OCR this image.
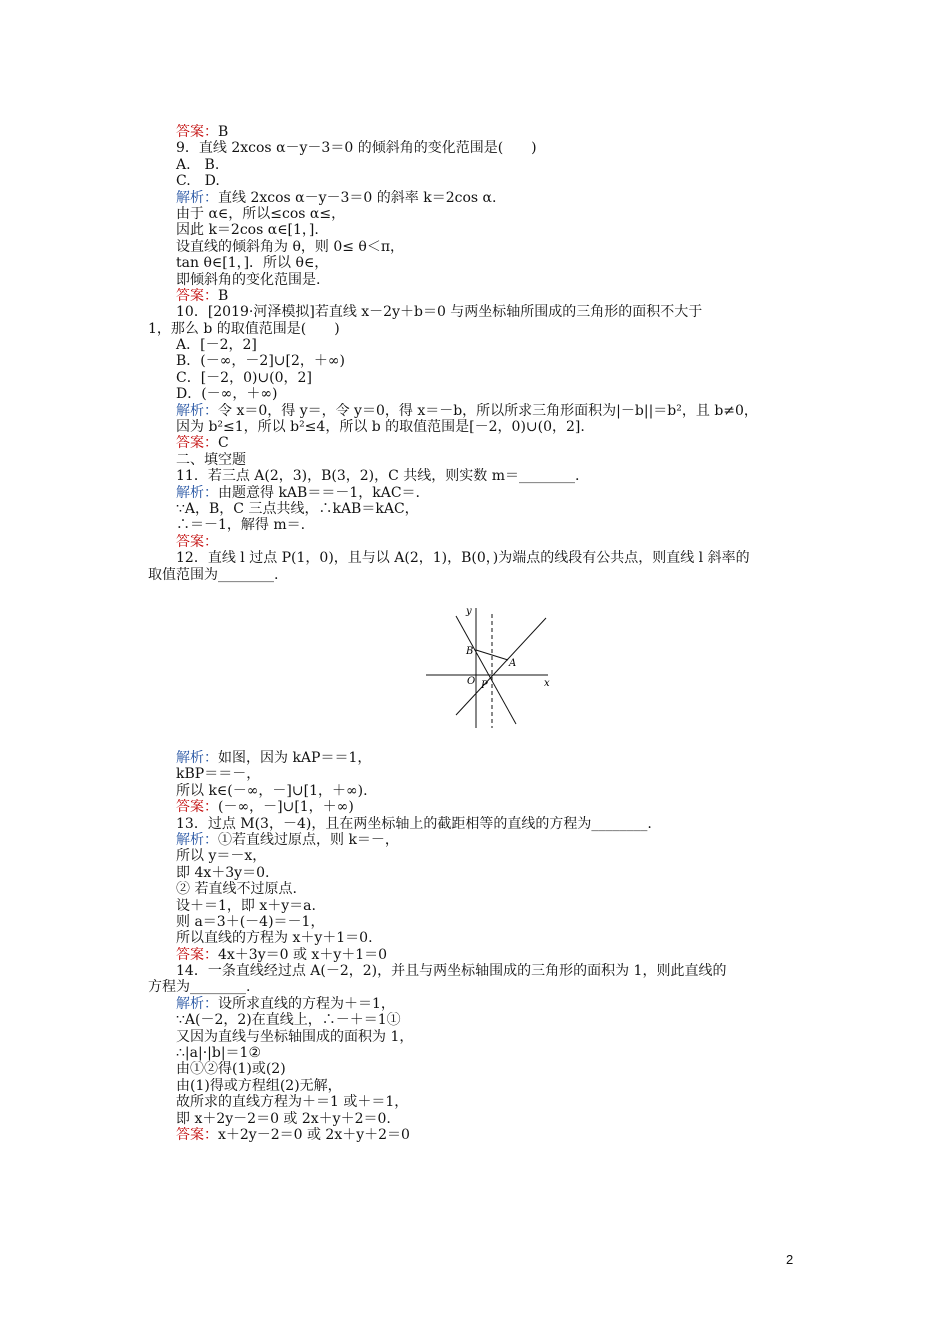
答案：B
9．直线 2xcos α－y－3＝0 的倾斜角的变化范围是(　　)
A.　B.
C.　D.
解析：直线 2xcos α－y－3＝0 的斜率 k＝2cos α.
由于 α∈，所以≤cos α≤，
因此 k＝2cos α∈[1，].
设直线的倾斜角为 θ，则 0≤ θ＜π，
tan θ∈[1，]．所以 θ∈，
即倾斜角的变化范围是.
答案：B
10．[2019·河泽模拟]若直线 x－2y＋b＝0 与两坐标轴所围成的三角形的面积不大于
1，那么 b 的取值范围是(　　)
A．[－2，2]
B．(－∞，－2]∪[2，＋∞)
C．[－2，0)∪(0，2]
D．(－∞，＋∞)
解析：令 x＝0，得 y＝，令 y＝0，得 x＝－b，所以所求三角形面积为|－b||＝b²，且 b≠0，
因为 b²≤1，所以 b²≤4，所以 b 的取值范围是[－2，0)∪(0，2].
答案：C
二、填空题
11．若三点 A(2，3)，B(3，2)，C 共线，则实数 m＝________.
解析：由题意得 kAB＝＝－1，kAC＝.
∵A，B，C 三点共线，∴kAB＝kAC，
∴＝－1，解得 m＝.
答案：
12．直线 l 过点 P(1，0)，且与以 A(2，1)，B(0，)为端点的线段有公共点，则直线 l 斜率的
取值范围为________.
y
x
B
A
O P
解析：如图，因为 kAP＝＝1，
kBP＝＝－，
所以 k∈(－∞，－]∪[1，＋∞).
答案：(－∞，－]∪[1，＋∞)
13．过点 M(3，－4)，且在两坐标轴上的截距相等的直线的方程为________.
解析：①若直线过原点，则 k＝－，
所以 y＝－x，
即 4x＋3y＝0.
② 若直线不过原点.
设＋＝1，即 x＋y＝a.
则 a＝3＋(－4)＝－1，
所以直线的方程为 x＋y＋1＝0.
答案：4x＋3y＝0 或 x＋y＋1＝0
14．一条直线经过点 A(－2，2)，并且与两坐标轴围成的三角形的面积为 1，则此直线的
方程为________.
解析：设所求直线的方程为＋＝1，
∵A(－2，2)在直线上，∴－＋＝1①
又因为直线与坐标轴围成的面积为 1，
∴|a|·|b|＝1②
由①②得(1)或(2)
由(1)得或方程组(2)无解，
故所求的直线方程为＋＝1 或＋＝1，
即 x＋2y－2＝0 或 2x＋y＋2＝0.
答案：x＋2y－2＝0 或 2x＋y＋2＝0
2
